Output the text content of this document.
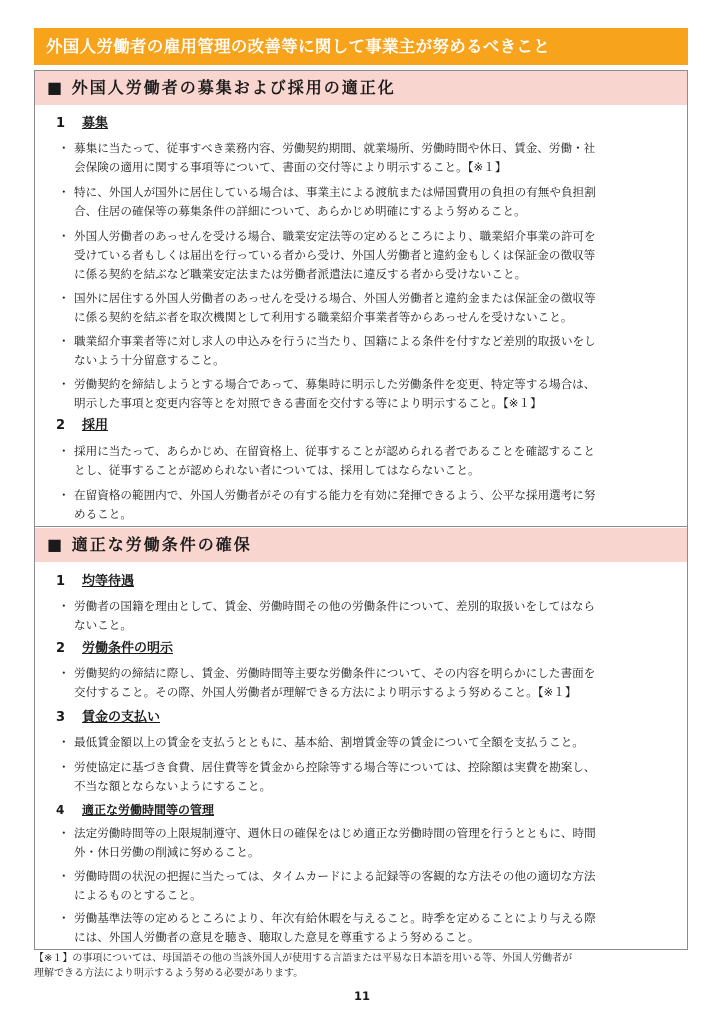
外国人労働者の雇用管理の改善等に関して事業主が努めるべきこと
■ 外国人労働者の募集および採用の適正化
1 募集
・ 募集に当たって、従事すべき業務内容、労働契約期間、就業場所、労働時間や休日、賃金、労働・社
会保険の適用に関する事項等について、書面の交付等により明示すること。【※１】
・ 特に、外国人が国外に居住している場合は、事業主による渡航または帰国費用の負担の有無や負担割
合、住居の確保等の募集条件の詳細について、あらかじめ明確にするよう努めること。
・ 外国人労働者のあっせんを受ける場合、職業安定法等の定めるところにより、職業紹介事業の許可を
受けている者もしくは届出を行っている者から受け、外国人労働者と違約金もしくは保証金の徴収等
に係る契約を結ぶなど職業安定法または労働者派遣法に違反する者から受けないこと。
・ 国外に居住する外国人労働者のあっせんを受ける場合、外国人労働者と違約金または保証金の徴収等
に係る契約を結ぶ者を取次機関として利用する職業紹介事業者等からあっせんを受けないこと。
・ 職業紹介事業者等に対し求人の申込みを行うに当たり、国籍による条件を付すなど差別的取扱いをし
ないよう十分留意すること。
・ 労働契約を締結しようとする場合であって、募集時に明示した労働条件を変更、特定等する場合は、
明示した事項と変更内容等とを対照できる書面を交付する等により明示すること。【※１】
2 採用
・ 採用に当たって、あらかじめ、在留資格上、従事することが認められる者であることを確認すること
とし、従事することが認められない者については、採用してはならないこと。
・ 在留資格の範囲内で、外国人労働者がその有する能力を有効に発揮できるよう、公平な採用選考に努
めること。
■ 適正な労働条件の確保
1 均等待遇
・ 労働者の国籍を理由として、賃金、労働時間その他の労働条件について、差別的取扱いをしてはなら
ないこと。
2 労働条件の明示
・ 労働契約の締結に際し、賃金、労働時間等主要な労働条件について、その内容を明らかにした書面を
交付すること。その際、外国人労働者が理解できる方法により明示するよう努めること。【※１】
3 賃金の支払い
・ 最低賃金額以上の賃金を支払うとともに、基本給、割増賃金等の賃金について全額を支払うこと。
・ 労使協定に基づき食費、居住費等を賃金から控除等する場合等については、控除額は実費を勘案し、
不当な額とならないようにすること。
4 適正な労働時間等の管理
・ 法定労働時間等の上限規制遵守、週休日の確保をはじめ適正な労働時間の管理を行うとともに、時間
外・休日労働の削減に努めること。
・ 労働時間の状況の把握に当たっては、タイムカードによる記録等の客観的な方法その他の適切な方法
によるものとすること。
・ 労働基準法等の定めるところにより、年次有給休暇を与えること。時季を定めることにより与える際
には、外国人労働者の意見を聴き、聴取した意見を尊重するよう努めること。
【※１】の事項については、母国語その他の当該外国人が使用する言語または平易な日本語を用いる等、外国人労働者が
理解できる方法により明示するよう努める必要があります。
11
